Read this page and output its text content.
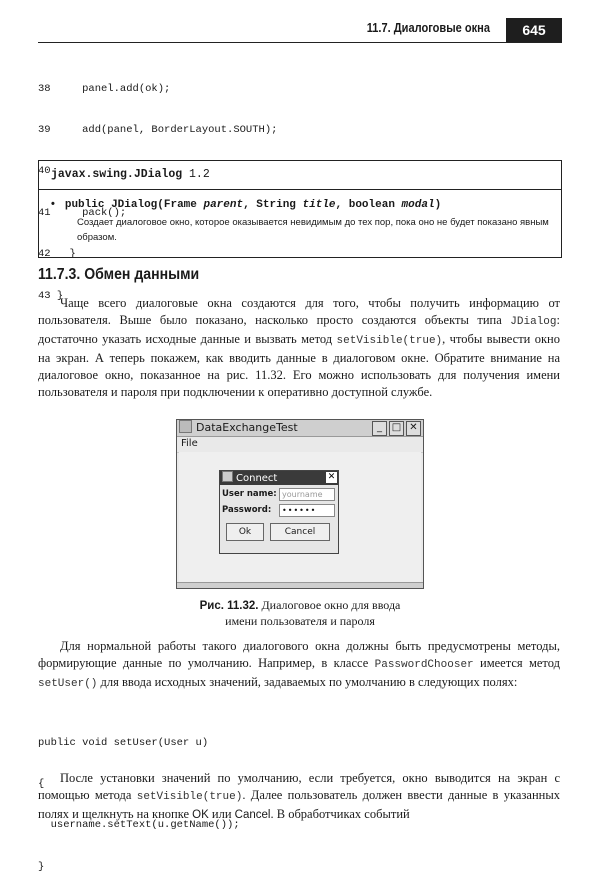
11.7. Диалоговые окна	645

38     panel.add(ok);

39     add(panel, BorderLayout.SOUTH);

40

41     pack();

42   }

43 }

javax.swing.JDialog 1.2
• public JDialog(Frame parent, String title, boolean modal)
Создает диалоговое окно, которое оказывается невидимым до тех пор, пока оно не будет показано явным образом.
11.7.3. Обмен данными
Чаще всего диалоговые окна создаются для того, чтобы получить информацию от пользователя. Выше было показано, насколько просто создаются объекты типа JDialog: достаточно указать исходные данные и вызвать метод setVisible(true), чтобы вывести окно на экран. А теперь покажем, как вводить данные в диалоговом окне. Обратите внимание на диалоговое окно, показанное на рис. 11.32. Его можно использовать для получения имени пользователя и пароля при подключении к оперативно доступной службе.
DataExchangeTest	_ □ ✕
File
Connect	✕
User name: yourname
Password:	••••••
Ok	Cancel
Рис. 11.32. Диалоговое окно для ввода
имени пользователя и пароля
Для нормальной работы такого диалогового окна должны быть предусмотрены методы, формирующие данные по умолчанию. Например, в классе PasswordChooser имеется метод setUser() для ввода исходных значений, задаваемых по умолчанию в следующих полях:

public void setUser(User u)

{

username.setText(u.getName());

}

После установки значений по умолчанию, если требуется, окно выводится на экран с помощью метода setVisible(true). Далее пользователь должен ввести данные в указанных полях и щелкнуть на кнопке OK или Cancel. В обработчиках событий
